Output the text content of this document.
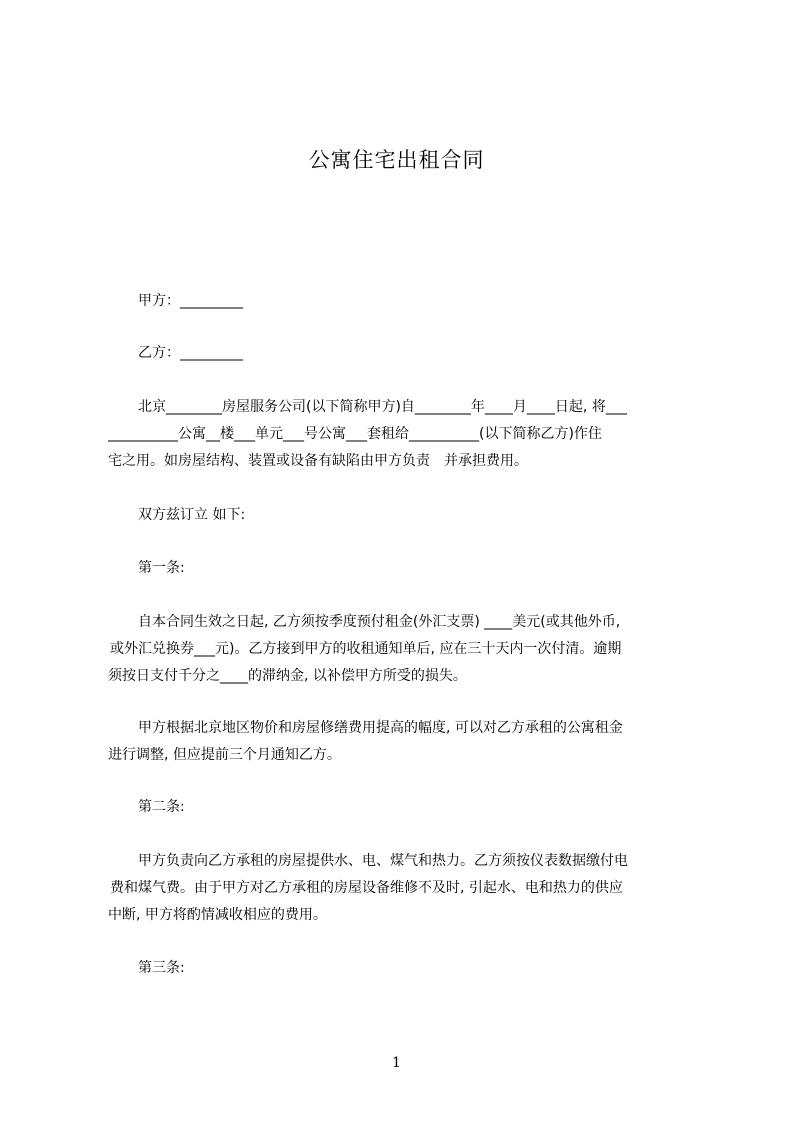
公寓住宅出租合同
甲方：_________
乙方：_________
北京________房屋服务公司(以下简称甲方)自________年____月____日起, 将___
__________公寓__楼___单元___号公寓___套租给__________(以下简称乙方)作住
宅之用。如房屋结构、装置或设备有缺陷由甲方负责　并承担费用。
双方兹订立 如下:
第一条:
自本合同生效之日起, 乙方须按季度预付租金(外汇支票) ____美元(或其他外币,
或外汇兑换券___元)。乙方接到甲方的收租通知单后, 应在三十天内一次付清。逾期
须按日支付千分之____的滞纳金, 以补偿甲方所受的损失。
甲方根据北京地区物价和房屋修缮费用提高的幅度, 可以对乙方承租的公寓租金
进行调整, 但应提前三个月通知乙方。
第二条:
甲方负责向乙方承租的房屋提供水、电、煤气和热力。乙方须按仪表数据缴付电
费和煤气费。由于甲方对乙方承租的房屋设备维修不及时, 引起水、电和热力的供应
中断, 甲方将酌情减收相应的费用。
第三条:
1
